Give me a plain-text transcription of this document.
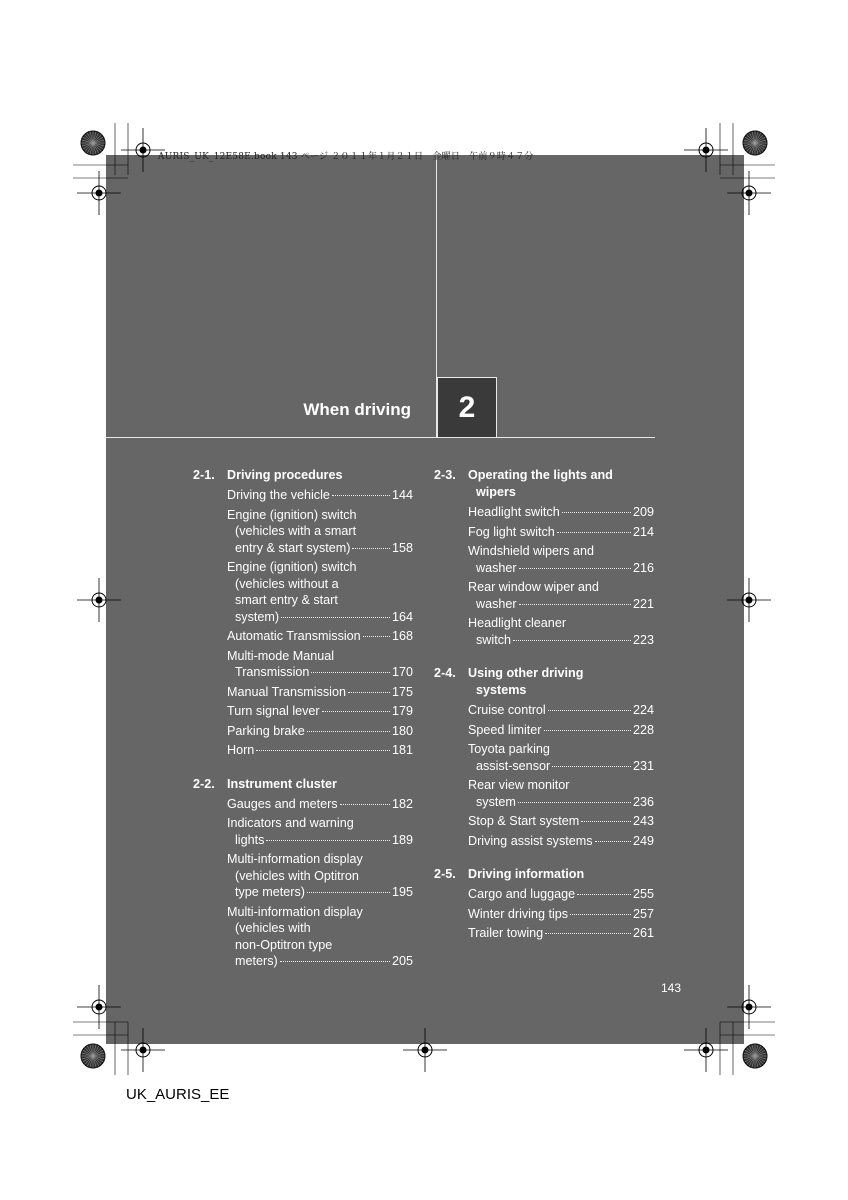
AURIS_UK_12E58E.book 143 ページ ２０１１年１月２１日　金曜日　午前９時４７分
When driving	2
2-1. Driving procedures
Driving the vehicle	144
Engine (ignition) switch
(vehicles with a smart
entry & start system)	158
Engine (ignition) switch
(vehicles without a
smart entry & start
system)	164
Automatic Transmission 168
Multi-mode Manual
Transmission	170
Manual Transmission	175
Turn signal lever	179
Parking brake	180
Horn	181
2-2. Instrument cluster
Gauges and meters	182
Indicators and warning
lights	189
Multi-information display
(vehicles with Optitron
type meters)	195
Multi-information display
(vehicles with
non-Optitron type
meters)	205
2-3. Operating the lights and
wipers
Headlight switch	209
Fog light switch	214
Windshield wipers and
washer	216
Rear window wiper and
washer	221
Headlight cleaner
switch	223
2-4. Using other driving
systems
Cruise control	224
Speed limiter	228
Toyota parking
assist-sensor	231
Rear view monitor
system	236
Stop & Start system	243
Driving assist systems	249
2-5. Driving information
Cargo and luggage	255
Winter driving tips	257
Trailer towing	261
143
UK_AURIS_EE
